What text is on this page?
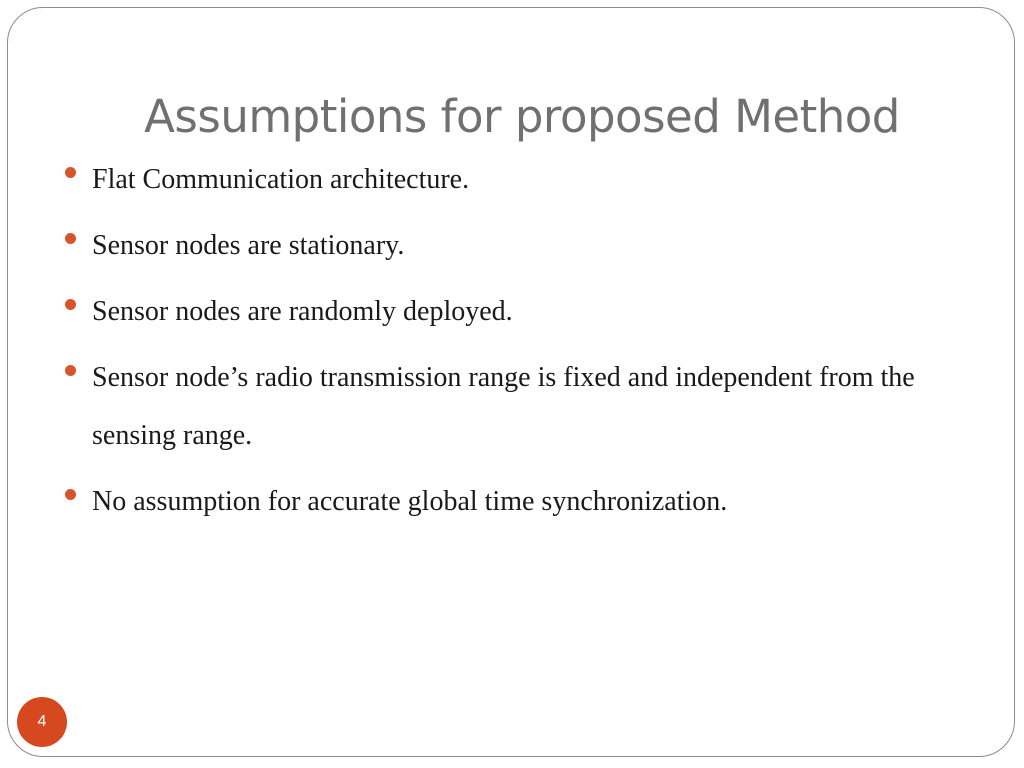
Assumptions for proposed Method
Flat Communication architecture.
Sensor nodes are stationary.
Sensor nodes are randomly deployed.
Sensor node’s radio transmission range is fixed and independent from the sensing range.
No assumption for accurate global time synchronization.
4
